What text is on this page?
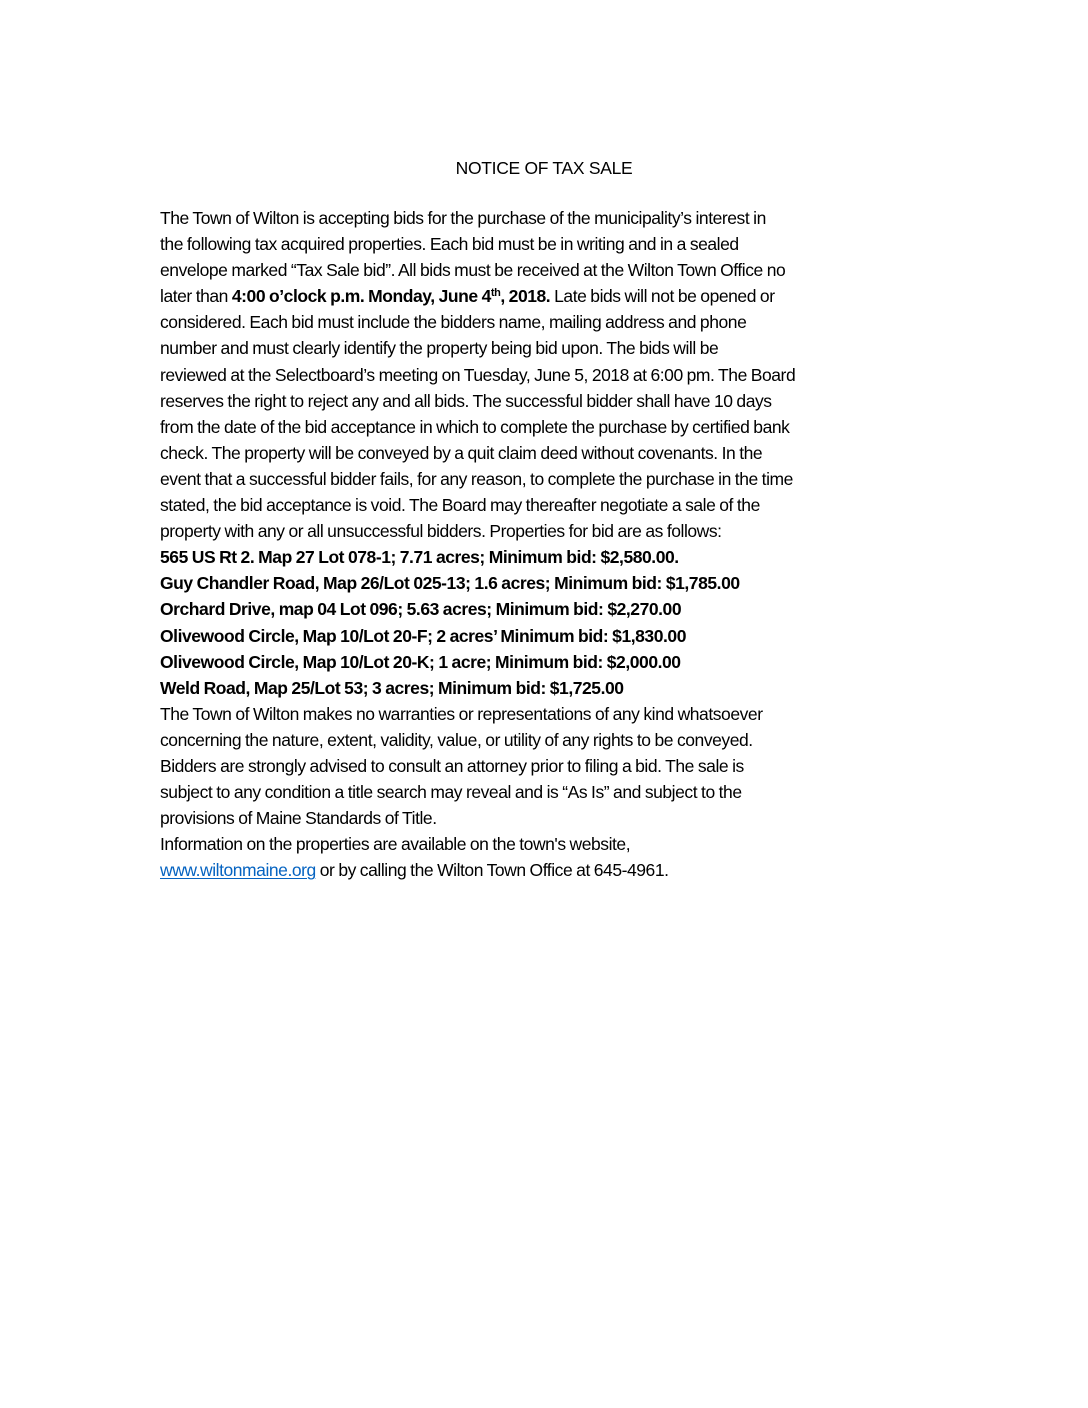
NOTICE OF TAX SALE
The Town of Wilton is accepting bids for the purchase of the municipality’s interest in
the following tax acquired properties. Each bid must be in writing and in a sealed
envelope marked “Tax Sale bid”. All bids must be received at the Wilton Town Office no
later than 4:00 o’clock p.m. Monday, June 4th, 2018. Late bids will not be opened or
considered. Each bid must include the bidders name, mailing address and phone
number and must clearly identify the property being bid upon. The bids will be
reviewed at the Selectboard’s meeting on Tuesday, June 5, 2018 at 6:00 pm. The Board
reserves the right to reject any and all bids. The successful bidder shall have 10 days
from the date of the bid acceptance in which to complete the purchase by certified bank
check. The property will be conveyed by a quit claim deed without covenants. In the
event that a successful bidder fails, for any reason, to complete the purchase in the time
stated, the bid acceptance is void. The Board may thereafter negotiate a sale of the
property with any or all unsuccessful bidders. Properties for bid are as follows:
565 US Rt 2. Map 27 Lot 078-1; 7.71 acres; Minimum bid: $2,580.00.
Guy Chandler Road, Map 26/Lot 025-13; 1.6 acres; Minimum bid: $1,785.00
Orchard Drive, map 04 Lot 096; 5.63 acres; Minimum bid: $2,270.00
Olivewood Circle, Map 10/Lot 20-F; 2 acres’ Minimum bid: $1,830.00
Olivewood Circle, Map 10/Lot 20-K; 1 acre; Minimum bid: $2,000.00
Weld Road, Map 25/Lot 53; 3 acres; Minimum bid: $1,725.00
The Town of Wilton makes no warranties or representations of any kind whatsoever
concerning the nature, extent, validity, value, or utility of any rights to be conveyed.
Bidders are strongly advised to consult an attorney prior to filing a bid. The sale is
subject to any condition a title search may reveal and is “As Is” and subject to the
provisions of Maine Standards of Title.
Information on the properties are available on the town's website,
www.wiltonmaine.org or by calling the Wilton Town Office at 645-4961.
